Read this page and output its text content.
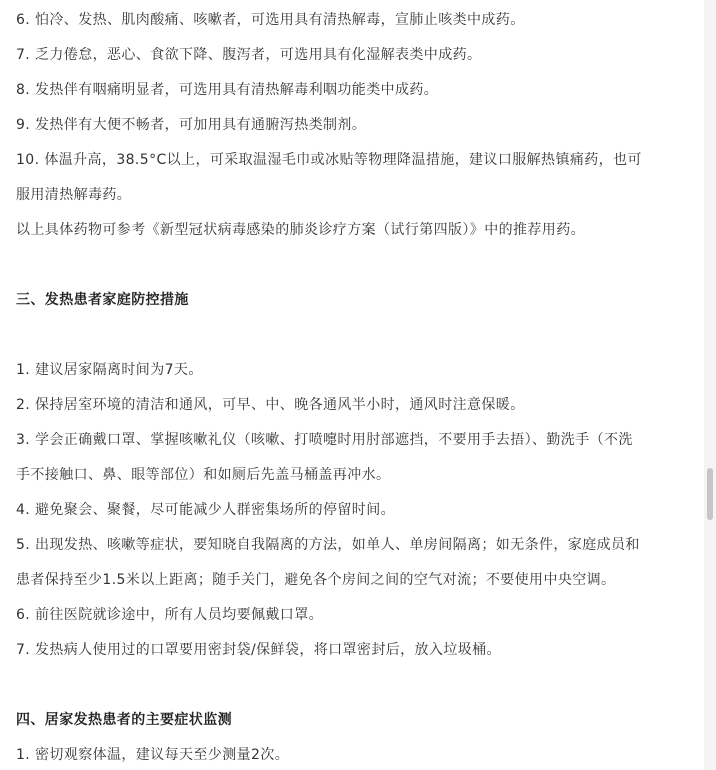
6. 怕冷、发热、肌肉酸痛、咳嗽者，可选用具有清热解毒，宣肺止咳类中成药。
7. 乏力倦怠，恶心、食欲下降、腹泻者，可选用具有化湿解表类中成药。
8. 发热伴有咽痛明显者，可选用具有清热解毒利咽功能类中成药。
9. 发热伴有大便不畅者，可加用具有通腑泻热类制剂。
10. 体温升高，38.5°C以上，可采取温湿毛巾或冰贴等物理降温措施，建议口服解热镇痛药，也可
服用清热解毒药。
以上具体药物可参考《新型冠状病毒感染的肺炎诊疗方案（试行第四版）》中的推荐用药。
三、发热患者家庭防控措施
1. 建议居家隔离时间为7天。
2. 保持居室环境的清洁和通风，可早、中、晚各通风半小时，通风时注意保暖。
3. 学会正确戴口罩、掌握咳嗽礼仪（咳嗽、打喷嚏时用肘部遮挡，不要用手去捂）、勤洗手（不洗
手不接触口、鼻、眼等部位）和如厕后先盖马桶盖再冲水。
4. 避免聚会、聚餐，尽可能减少人群密集场所的停留时间。
5. 出现发热、咳嗽等症状，要知晓自我隔离的方法，如单人、单房间隔离；如无条件，家庭成员和
患者保持至少1.5米以上距离；随手关门，避免各个房间之间的空气对流；不要使用中央空调。
6. 前往医院就诊途中，所有人员均要佩戴口罩。
7. 发热病人使用过的口罩要用密封袋/保鲜袋，将口罩密封后，放入垃圾桶。
四、居家发热患者的主要症状监测
1. 密切观察体温，建议每天至少测量2次。
